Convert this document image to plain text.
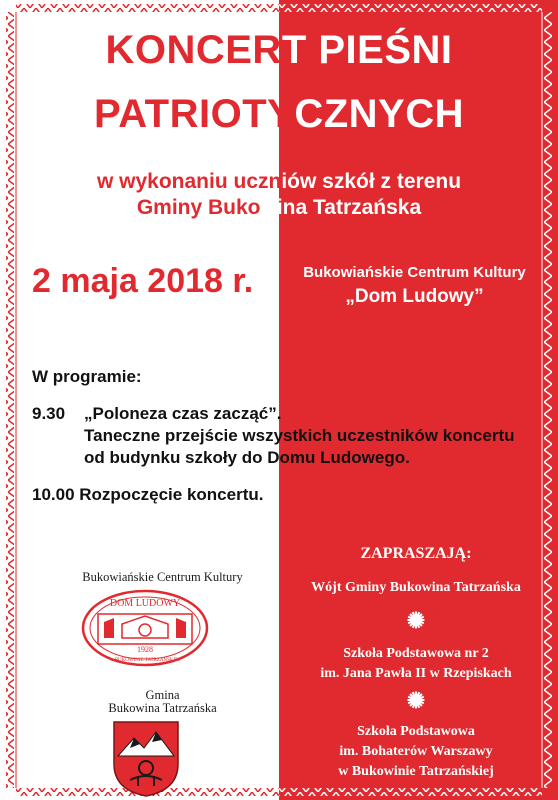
KONCERT PIEŚNI
PATRIOTYCZNYCH
w wykonaniu uczniów szkół z terenu
Gminy Bukowina Tatrzańska
2 maja 2018 r.	Bukowiańskie Centrum Kultury
„Dom Ludowy”
W programie:
9.30 „Poloneza czas zacząć”.
Taneczne przejście wszystkich uczestników koncertu
od budynku szkoły do Domu Ludowego.
10.00 Rozpoczęcie koncertu.
Bukowiańskie Centrum Kultury
DOM LUDOWY
1928
w BUKOWINIE TATRZAŃSKIEJ
Gmina
Bukowina Tatrzańska
ZAPRASZAJĄ:
Wójt Gminy Bukowina Tatrzańska
✺
Szkoła Podstawowa nr 2
im. Jana Pawła II w Rzepiskach
✺
Szkoła Podstawowa
im. Bohaterów Warszawy
w Bukowinie Tatrzańskiej
